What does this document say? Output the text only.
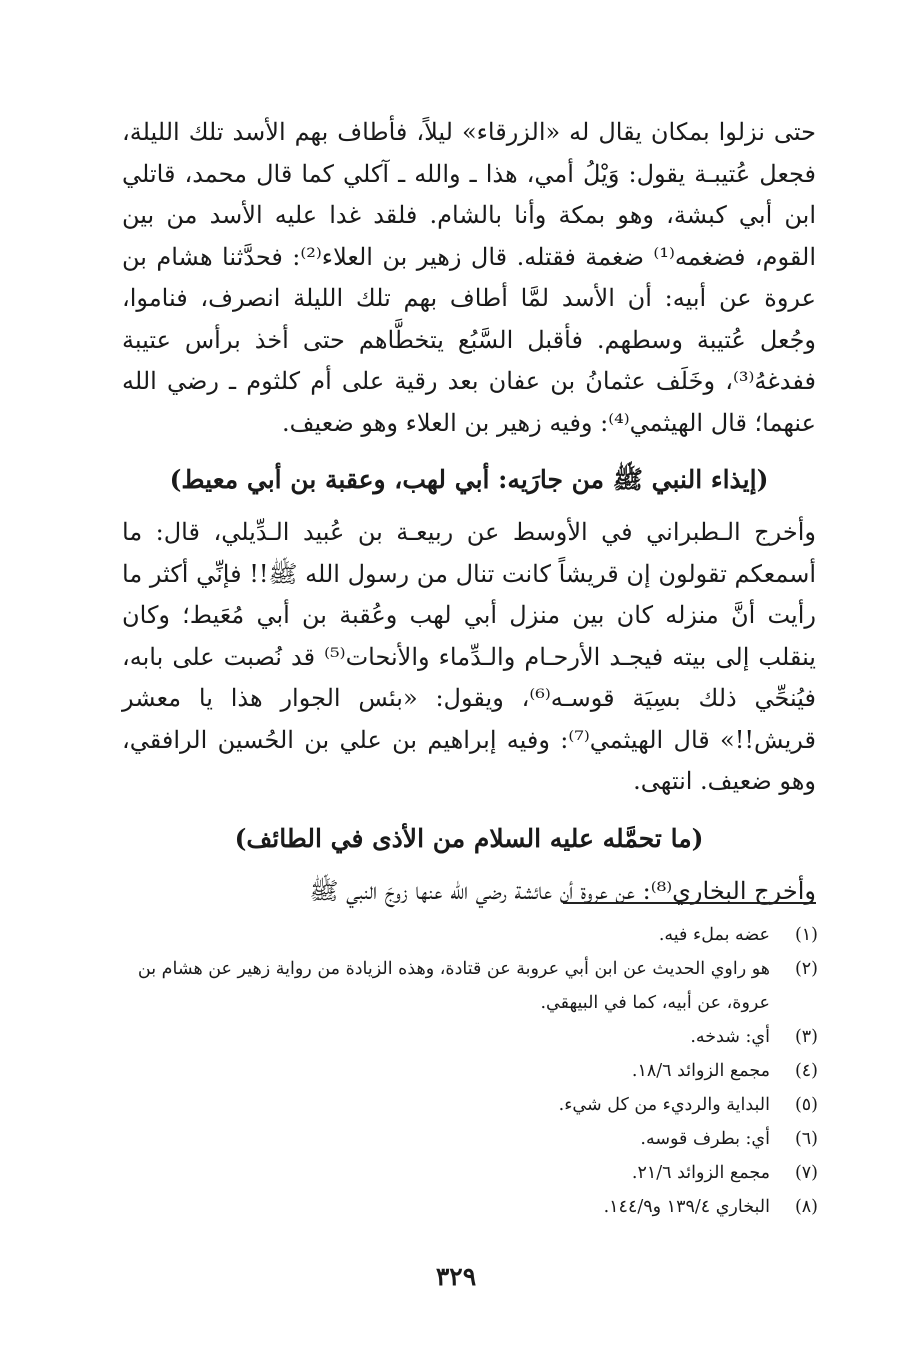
حتى نزلوا بمكان يقال له «الزرقاء» ليلاً، فأطاف بهم الأسد تلك الليلة، فجعل عُتيبـة يقول: وَيْلُ أمي، هذا ـ والله ـ آكلي كما قال محمد، قاتلي ابن أبي كبشة، وهو بمكة وأنا بالشام. فلقد غدا عليه الأسد من بين القوم، فضغمه⁽¹⁾ ضغمة فقتله. قال زهير بن العلاء⁽²⁾: فحدَّثنا هشام بن عروة عن أبيه: أن الأسد لمَّا أطاف بهم تلك الليلة انصرف، فناموا، وجُعل عُتيبة وسطهم. فأقبل السَّبُع يتخطَّاهم حتى أخذ برأس عتيبة ففدغهُ⁽³⁾، وخَلَف عثمانُ بن عفان بعد رقية على أم كلثوم ـ رضي الله عنهما؛ قال الهيثمي⁽⁴⁾: وفيه زهير بن العلاء وهو ضعيف.

(إيذاء النبي ﷺ من جارَيه: أبي لهب، وعقبة بن أبي معيط)

وأخرج الـطبراني في الأوسط عن ربيعـة بن عُبيد الـدِّيلي، قال: ما أسمعكم تقولون إن قريشاً كانت تنال من رسول الله ﷺ!! فإنِّي أكثر ما رأيت أنَّ منزله كان بين منزل أبي لهب وعُقبة بن أبي مُعَيط؛ وكان ينقلب إلى بيته فيجـد الأرحـام والـدِّماء والأنحات⁽⁵⁾ قد نُصبت على بابه، فيُنحِّي ذلك بسِيَة قوسـه⁽⁶⁾، ويقول: «بئس الجوار هذا يا معشر قريش!!» قال الهيثمي⁽⁷⁾: وفيه إبراهيم بن علي بن الحُسين الرافقي، وهو ضعيف. انتهى.

(ما تحمَّله عليه السلام من الأذى في الطائف)

وأخرج البخاري⁽⁸⁾: عن عروة أن عائشة رضي الله عنها زوجَ النبي ﷺ

(١)
عضه بملء فيه.
(٢)
هو راوي الحديث عن ابن أبي عروبة عن قتادة، وهذه الزيادة من رواية زهير عن هشام بن عروة، عن أبيه، كما في البيهقي.
(٣)
أي: شدخه.
(٤)
مجمع الزوائد ١٨/٦.
(٥)
البداية والرديء من كل شيء.
(٦)
أي: بطرف قوسه.
(٧)
مجمع الزوائد ٢١/٦.
(٨)
البخاري ١٣٩/٤ و١٤٤/٩.
٣٢٩
